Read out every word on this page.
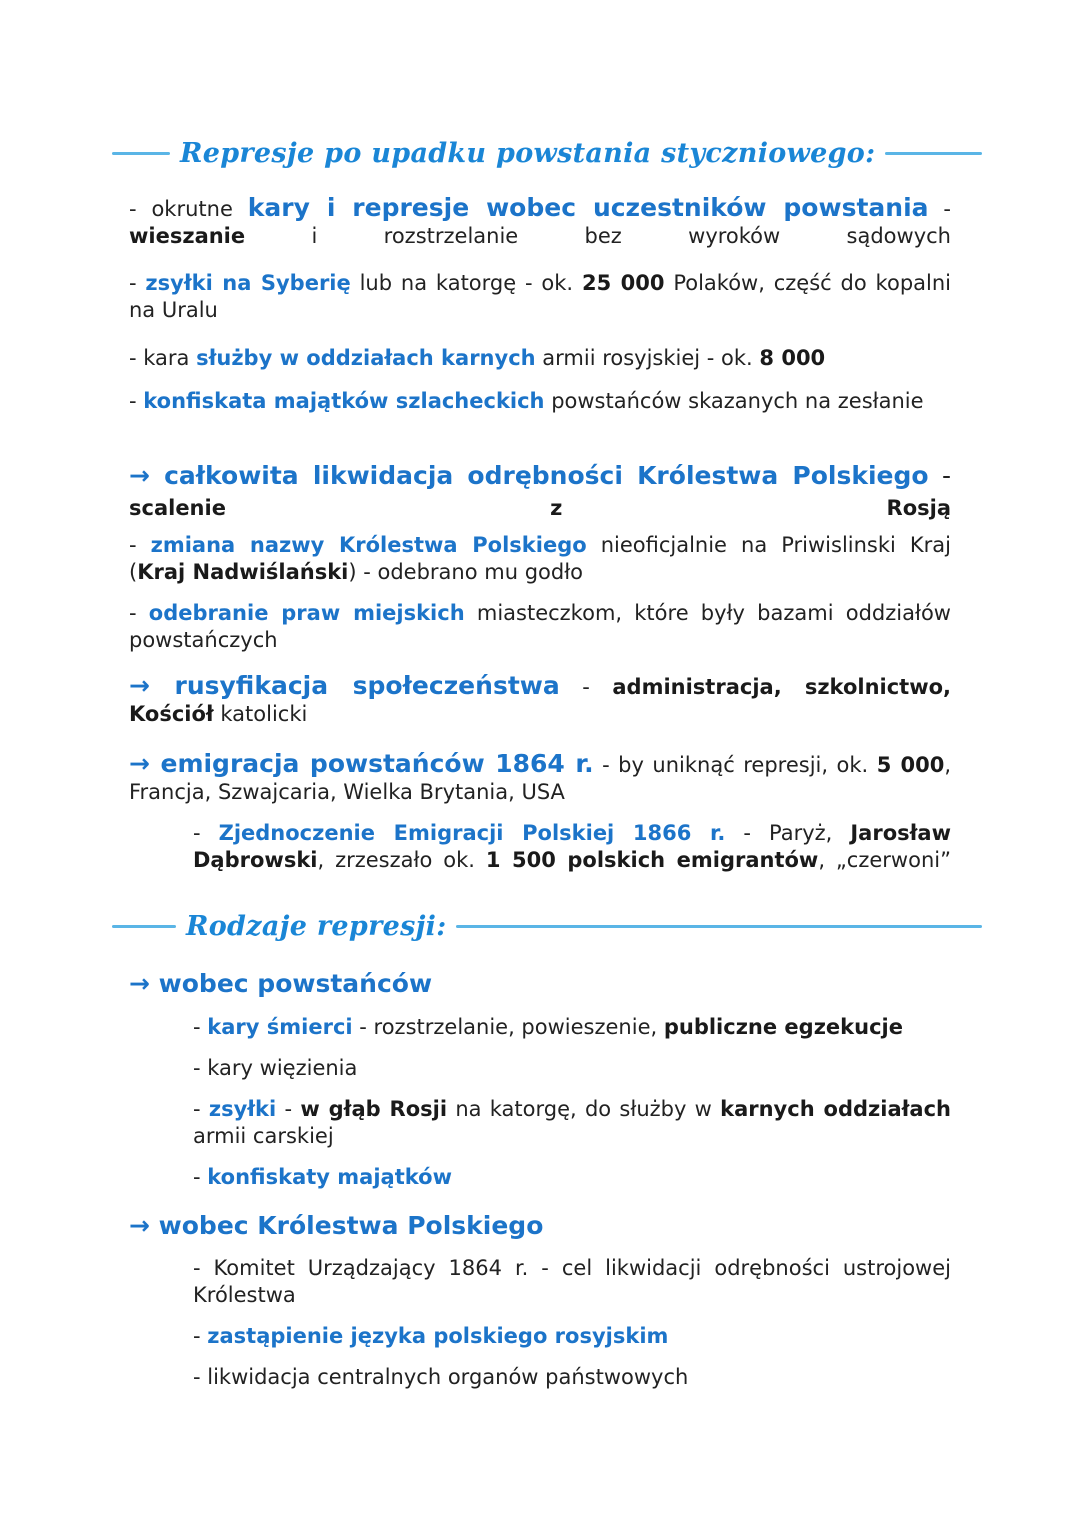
Represje po upadku powstania styczniowego:
- okrutne kary i represje wobec uczestników powstania -
wieszanie i rozstrzelanie bez wyroków sądowych
- zsyłki na Syberię lub na katorgę - ok. 25 000 Polaków, część do kopalni na Uralu
- kara służby w oddziałach karnych armii rosyjskiej - ok. 8 000
- konfiskata majątków szlacheckich powstańców skazanych na zesłanie
→ całkowita likwidacja odrębności Królestwa Polskiego -
scalenie z Rosją
- zmiana nazwy Królestwa Polskiego nieoficjalnie na Priwislinski Kraj (Kraj Nadwiślański) - odebrano mu godło
- odebranie praw miejskich miasteczkom, które były bazami oddziałów powstańczych
→ rusyfikacja społeczeństwa - administracja, szkolnictwo, Kościół katolicki
→ emigracja powstańców 1864 r. - by uniknąć represji, ok. 5 000, Francja, Szwajcaria, Wielka Brytania, USA
- Zjednoczenie Emigracji Polskiej 1866 r. - Paryż, Jarosław Dąbrowski, zrzeszało ok. 1 500 polskich emigrantów, „czerwoni”
Rodzaje represji:
→ wobec powstańców
- kary śmierci - rozstrzelanie, powieszenie, publiczne egzekucje
- kary więzienia
- zsyłki - w głąb Rosji na katorgę, do służby w karnych oddziałach armii carskiej
- konfiskaty majątków
→ wobec Królestwa Polskiego
- Komitet Urządzający 1864 r. - cel likwidacji odrębności ustrojowej Królestwa
- zastąpienie języka polskiego rosyjskim
- likwidacja centralnych organów państwowych
